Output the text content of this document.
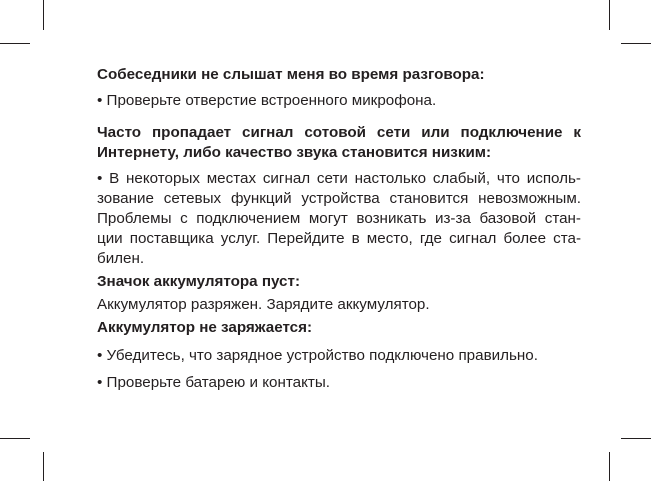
Собеседники не слышат меня во время разговора:
• Проверьте отверстие встроенного микрофона.
Часто пропадает сигнал сотовой сети или подключение к
Интернету, либо качество звука становится низким:
• В некоторых местах сигнал сети настолько слабый, что исполь-
зование сетевых функций устройства становится невозможным.
Проблемы с подключением могут возникать из-за базовой стан-
ции поставщика услуг. Перейдите в место, где сигнал более ста-
билен.
Значок аккумулятора пуст:
Аккумулятор разряжен. Зарядите аккумулятор.
Аккумулятор не заряжается:
• Убедитесь, что зарядное устройство подключено правильно.
• Проверьте батарею и контакты.
